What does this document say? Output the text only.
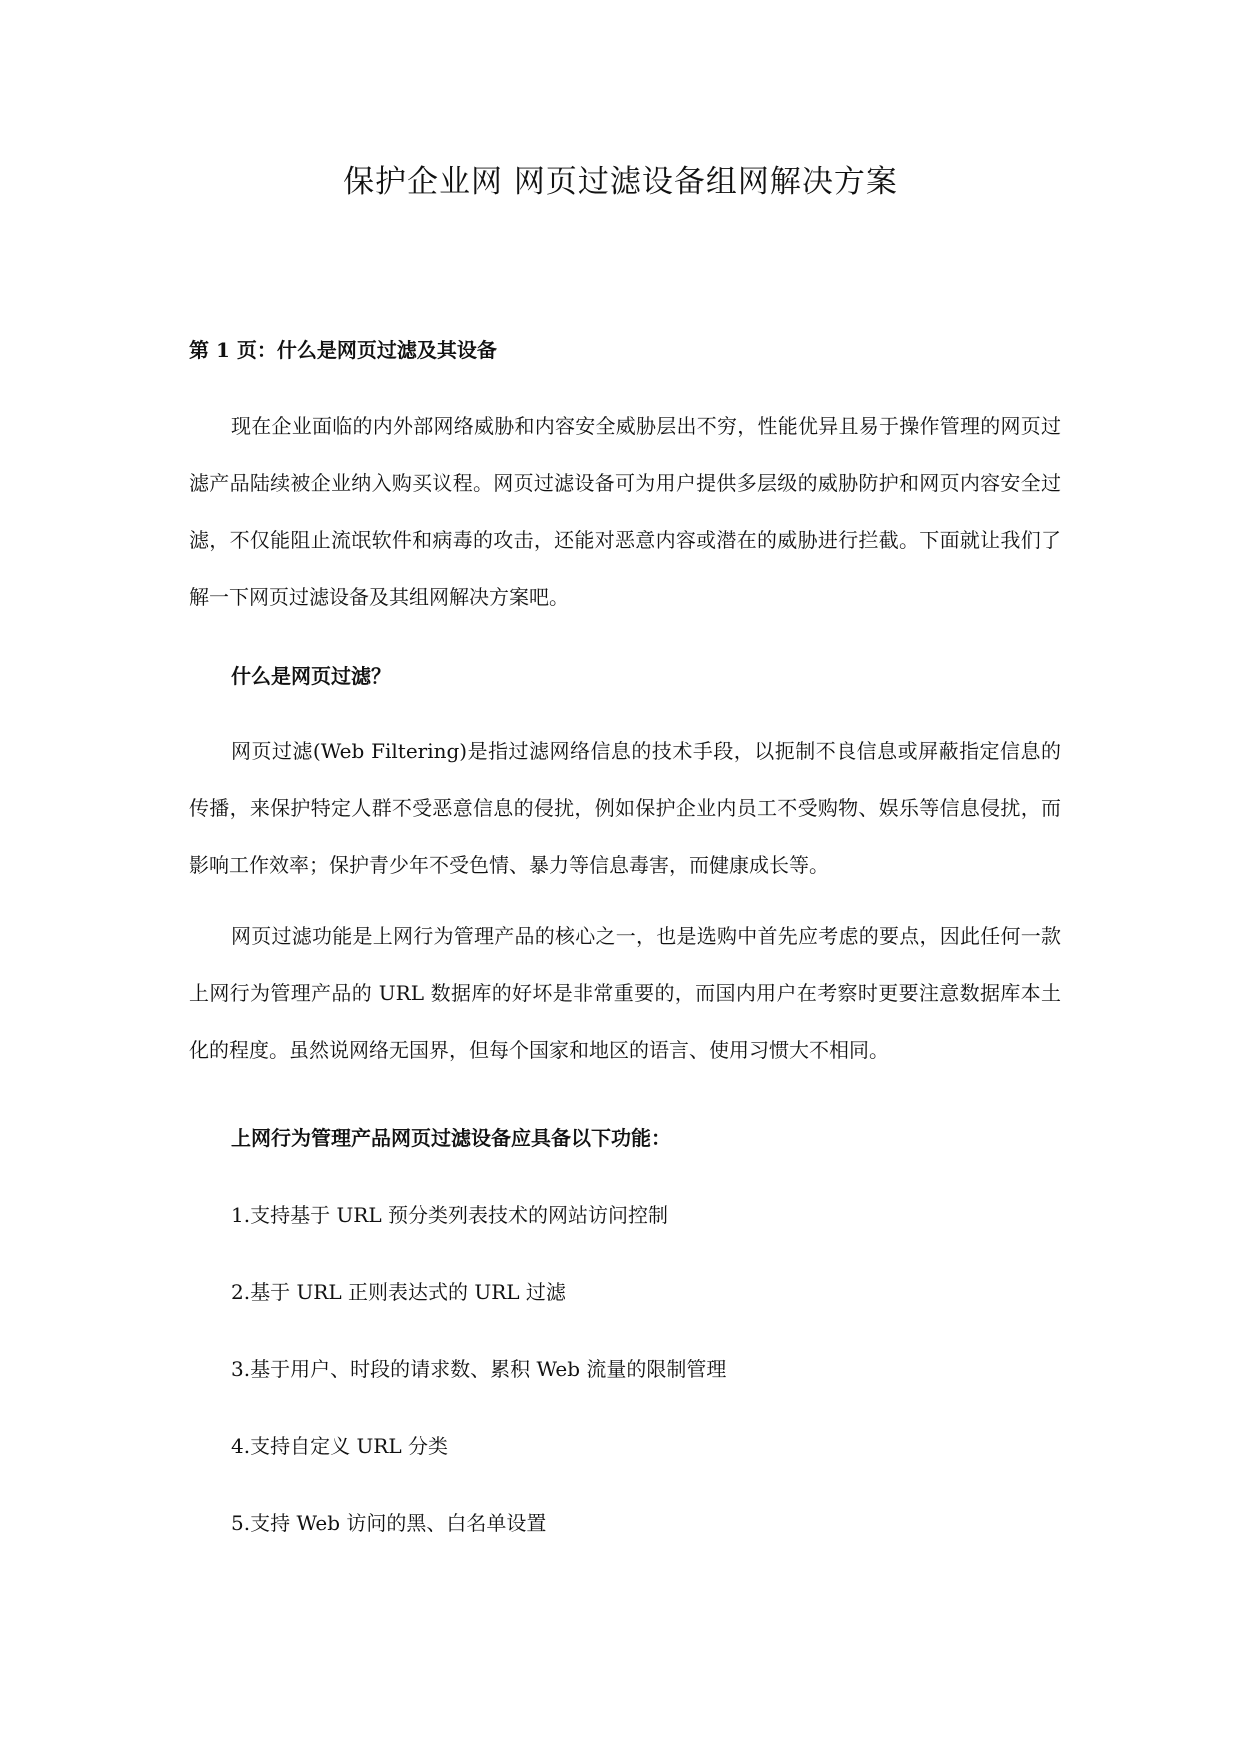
保护企业网 网页过滤设备组网解决方案
第 1 页：什么是网页过滤及其设备
现在企业面临的内外部网络威胁和内容安全威胁层出不穷，性能优异且易于操作管理的网页过滤产品陆续被企业纳入购买议程。网页过滤设备可为用户提供多层级的威胁防护和网页内容安全过滤，不仅能阻止流氓软件和病毒的攻击，还能对恶意内容或潜在的威胁进行拦截。下面就让我们了解一下网页过滤设备及其组网解决方案吧。
什么是网页过滤？
网页过滤(Web Filtering)是指过滤网络信息的技术手段，以扼制不良信息或屏蔽指定信息的传播，来保护特定人群不受恶意信息的侵扰，例如保护企业内员工不受购物、娱乐等信息侵扰，而影响工作效率；保护青少年不受色情、暴力等信息毒害，而健康成长等。
网页过滤功能是上网行为管理产品的核心之一，也是选购中首先应考虑的要点，因此任何一款上网行为管理产品的 URL 数据库的好坏是非常重要的，而国内用户在考察时更要注意数据库本土化的程度。虽然说网络无国界，但每个国家和地区的语言、使用习惯大不相同。
上网行为管理产品网页过滤设备应具备以下功能：
1.支持基于 URL 预分类列表技术的网站访问控制
2.基于 URL 正则表达式的 URL 过滤
3.基于用户、时段的请求数、累积 Web 流量的限制管理
4.支持自定义 URL 分类
5.支持 Web 访问的黑、白名单设置
